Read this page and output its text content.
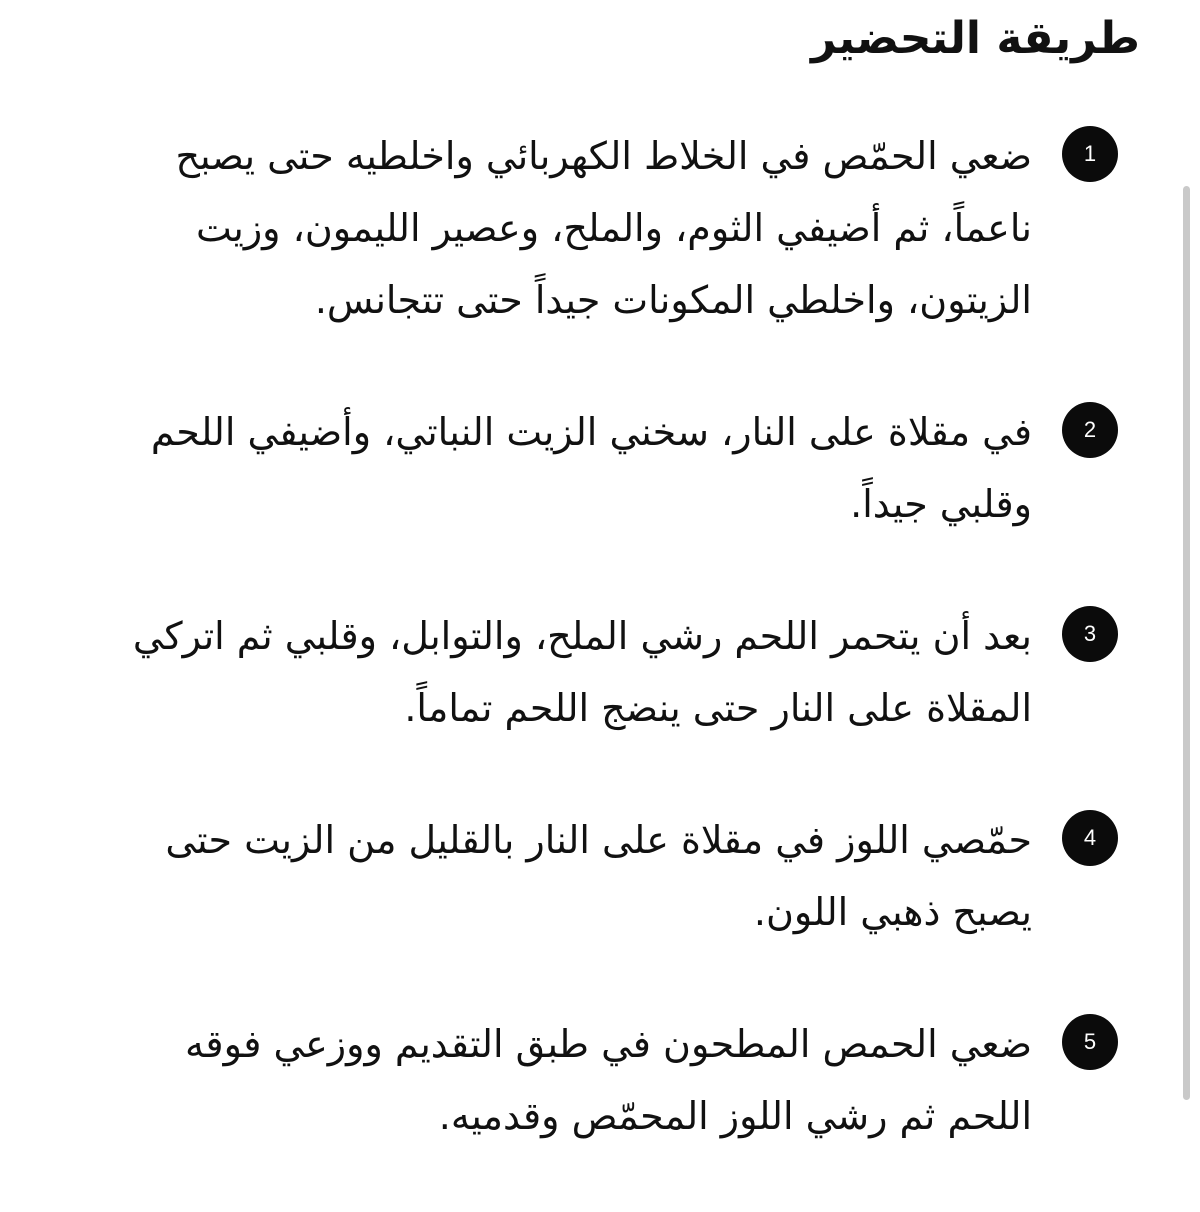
طريقة التحضير
1

ضعي الحمّص في الخلاط الكهربائي واخلطيه حتى يصبح ناعماً، ثم أضيفي الثوم، والملح، وعصير الليمون، وزيت الزيتون، واخلطي المكونات جيداً حتى تتجانس.

2

في مقلاة على النار، سخني الزيت النباتي، وأضيفي اللحم وقلبي جيداً.

3

بعد أن يتحمر اللحم رشي الملح، والتوابل، وقلبي ثم اتركي المقلاة على النار حتى ينضج اللحم تماماً.

4

حمّصي اللوز في مقلاة على النار بالقليل من الزيت حتى يصبح ذهبي اللون.

5

ضعي الحمص المطحون في طبق التقديم ووزعي فوقه اللحم ثم رشي اللوز المحمّص وقدميه.
